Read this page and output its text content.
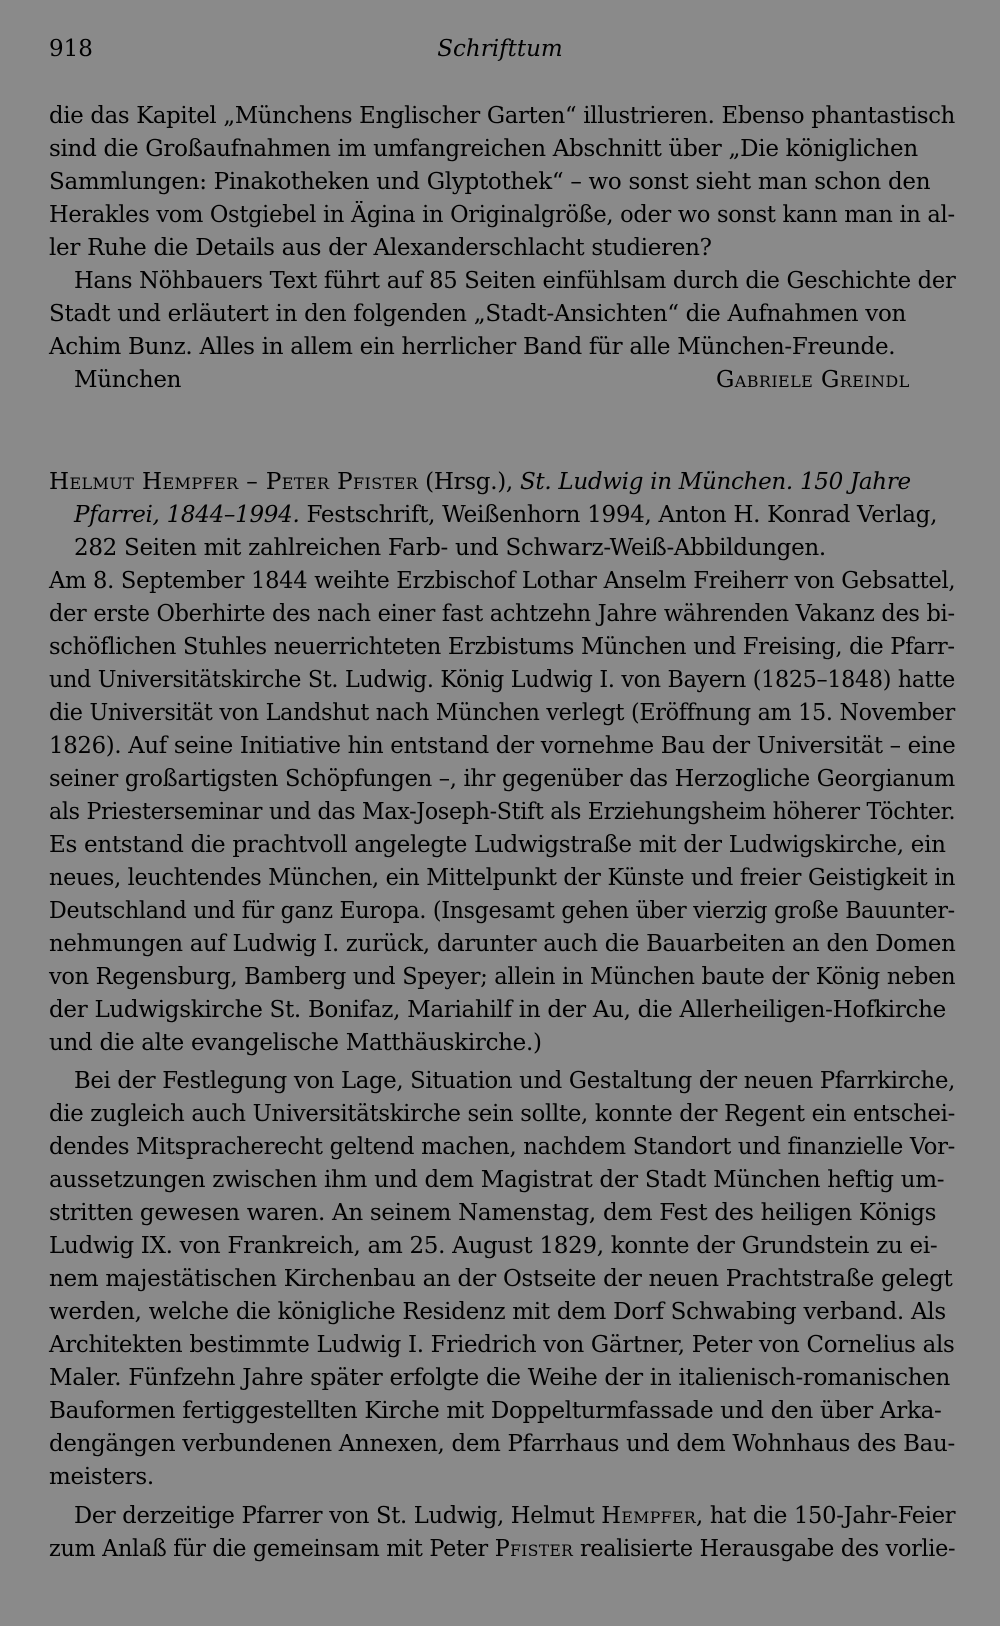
918	Schrifttum
die das Kapitel „Münchens Englischer Garten“ illustrieren. Ebenso phantastisch
sind die Großaufnahmen im umfangreichen Abschnitt über „Die königlichen
Sammlungen: Pinakotheken und Glyptothek“ – wo sonst sieht man schon den
Herakles vom Ostgiebel in Ägina in Originalgröße, oder wo sonst kann man in al-
ler Ruhe die Details aus der Alexanderschlacht studieren?
Hans Nöhbauers Text führt auf 85 Seiten einfühlsam durch die Geschichte der
Stadt und erläutert in den folgenden „Stadt-Ansichten“ die Aufnahmen von
Achim Bunz. Alles in allem ein herrlicher Band für alle München-Freunde.
München	Gabriele Greindl
Helmut Hempfer – Peter Pfister (Hrsg.), St. Ludwig in München. 150 Jahre
Pfarrei, 1844–1994. Festschrift, Weißenhorn 1994, Anton H. Konrad Verlag,
282 Seiten mit zahlreichen Farb- und Schwarz-Weiß-Abbildungen.
Am 8. September 1844 weihte Erzbischof Lothar Anselm Freiherr von Gebsattel,
der erste Oberhirte des nach einer fast achtzehn Jahre währenden Vakanz des bi-
schöflichen Stuhles neuerrichteten Erzbistums München und Freising, die Pfarr-
und Universitätskirche St. Ludwig. König Ludwig I. von Bayern (1825–1848) hatte
die Universität von Landshut nach München verlegt (Eröffnung am 15. November
1826). Auf seine Initiative hin entstand der vornehme Bau der Universität – eine
seiner großartigsten Schöpfungen –, ihr gegenüber das Herzogliche Georgianum
als Priesterseminar und das Max-Joseph-Stift als Erziehungsheim höherer Töchter.
Es entstand die prachtvoll angelegte Ludwigstraße mit der Ludwigskirche, ein
neues, leuchtendes München, ein Mittelpunkt der Künste und freier Geistigkeit in
Deutschland und für ganz Europa. (Insgesamt gehen über vierzig große Bauunter-
nehmungen auf Ludwig I. zurück, darunter auch die Bauarbeiten an den Domen
von Regensburg, Bamberg und Speyer; allein in München baute der König neben
der Ludwigskirche St. Bonifaz, Mariahilf in der Au, die Allerheiligen-Hofkirche
und die alte evangelische Matthäuskirche.)
Bei der Festlegung von Lage, Situation und Gestaltung der neuen Pfarrkirche,
die zugleich auch Universitätskirche sein sollte, konnte der Regent ein entschei-
dendes Mitspracherecht geltend machen, nachdem Standort und finanzielle Vor-
aussetzungen zwischen ihm und dem Magistrat der Stadt München heftig um-
stritten gewesen waren. An seinem Namenstag, dem Fest des heiligen Königs
Ludwig IX. von Frankreich, am 25. August 1829, konnte der Grundstein zu ei-
nem majestätischen Kirchenbau an der Ostseite der neuen Prachtstraße gelegt
werden, welche die königliche Residenz mit dem Dorf Schwabing verband. Als
Architekten bestimmte Ludwig I. Friedrich von Gärtner, Peter von Cornelius als
Maler. Fünfzehn Jahre später erfolgte die Weihe der in italienisch-romanischen
Bauformen fertiggestellten Kirche mit Doppelturmfassade und den über Arka-
dengängen verbundenen Annexen, dem Pfarrhaus und dem Wohnhaus des Bau-
meisters.
Der derzeitige Pfarrer von St. Ludwig, Helmut Hempfer, hat die 150-Jahr-Feier
zum Anlaß für die gemeinsam mit Peter Pfister realisierte Herausgabe des vorlie-
